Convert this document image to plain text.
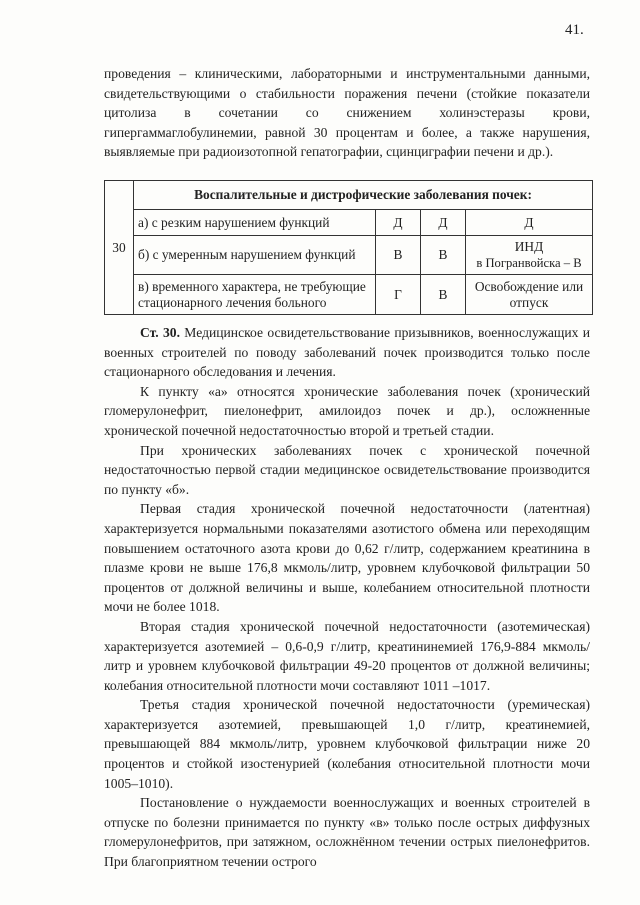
41.

проведения – клиническими, лабораторными и инструментальными данными, свидетельствующими о стабильности поражения печени (стойкие показатели цитолиза в сочетании со снижением холинэстеразы крови, гипергаммаглобулинемии, равной 30 процентам и более, а также нарушения, выявляемые при радиоизотопной гепатографии, сцинциграфии печени и др.).

30	Воспалительные и дистрофические заболевания почек:			
	а) с резким нарушением функций	Д	Д	Д
	б) с умеренным нарушением функций	В	В	ИНД
в Погранвойска – В

	в) временного характера, не требующие стационарного лечения больного	Г	В	Освобождение или
отпуск

Ст. 30. Медицинское освидетельствование призывников, военнослужащих и военных строителей по поводу заболеваний почек производится только после стационарного обследования и лечения.

К пункту «а» относятся хронические заболевания почек (хронический гломерулонефрит, пиелонефрит, амилоидоз почек и др.), осложненные хронической почечной недостаточностью второй и третьей стадии.

При хронических заболеваниях почек с хронической почечной недостаточностью первой стадии медицинское освидетельствование производится по пункту «б».

Первая стадия хронической почечной недостаточности (латентная) характеризуется нормальными показателями азотистого обмена или переходящим повышением остаточного азота крови до 0,62 г/литр, содержанием креатинина в плазме крови не выше 176,8 мкмоль/литр, уровнем клубочковой фильтрации 50 процентов от должной величины и выше, колебанием относительной плотности мочи не более 1018.

Вторая стадия хронической почечной недостаточности (азотемическая) характеризуется азотемией – 0,6-0,9 г/литр, креатининемией 176,9-884 мкмоль/литр и уровнем клубочковой фильтрации 49-20 процентов от должной величины; колебания относительной плотности мочи составляют 1011 –1017.

Третья стадия хронической почечной недостаточности (уремическая) характеризуется азотемией, превышающей 1,0 г/литр, креатинемией, превышающей 884 мкмоль/литр, уровнем клубочковой фильтрации ниже 20 процентов и стойкой изостенурией (колебания относительной плотности мочи 1005–1010).

Постановление о нуждаемости военнослужащих и военных строителей в отпуске по болезни принимается по пункту «в» только после острых диффузных гломерулонефритов, при затяжном, осложнённом течении острых пиелонефритов. При благоприятном течении острого
